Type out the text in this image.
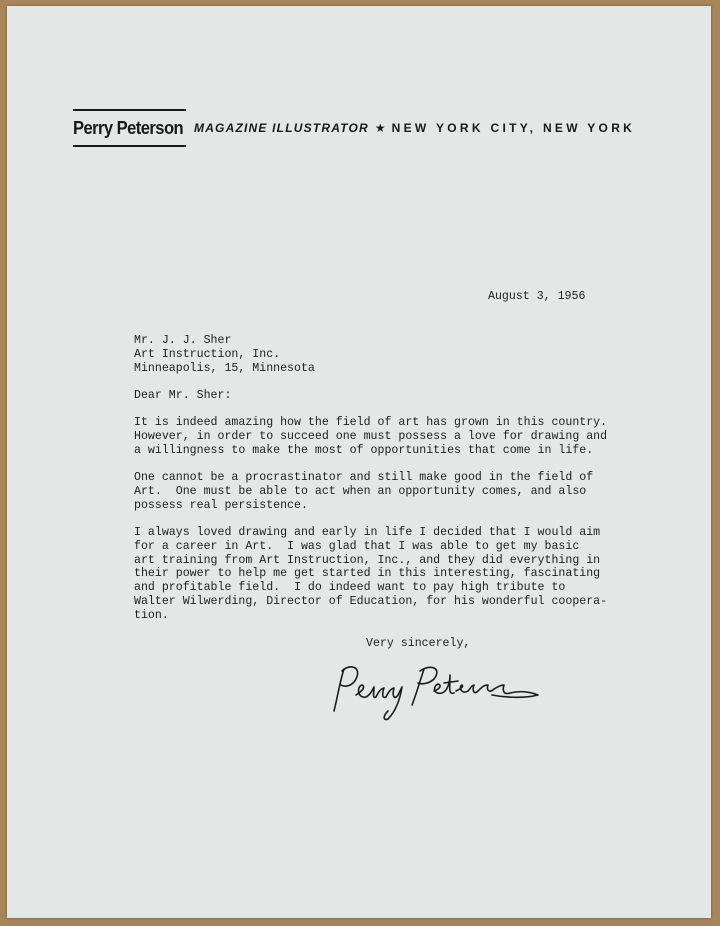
Perry Peterson MAGAZINE ILLUSTRATOR ★ NEW YORK CITY, NEW YORK
August 3, 1956
Mr. J. J. Sher
Art Instruction, Inc.
Minneapolis, 15, Minnesota
Dear Mr. Sher:
It is indeed amazing how the field of art has grown in this country.
However, in order to succeed one must possess a love for drawing and
a willingness to make the most of opportunities that come in life.
One cannot be a procrastinator and still make good in the field of
Art.  One must be able to act when an opportunity comes, and also
possess real persistence.
I always loved drawing and early in life I decided that I would aim
for a career in Art.  I was glad that I was able to get my basic
art training from Art Instruction, Inc., and they did everything in
their power to help me get started in this interesting, fascinating
and profitable field.  I do indeed want to pay high tribute to
Walter Wilwerding, Director of Education, for his wonderful coopera-
tion.
Very sincerely,
